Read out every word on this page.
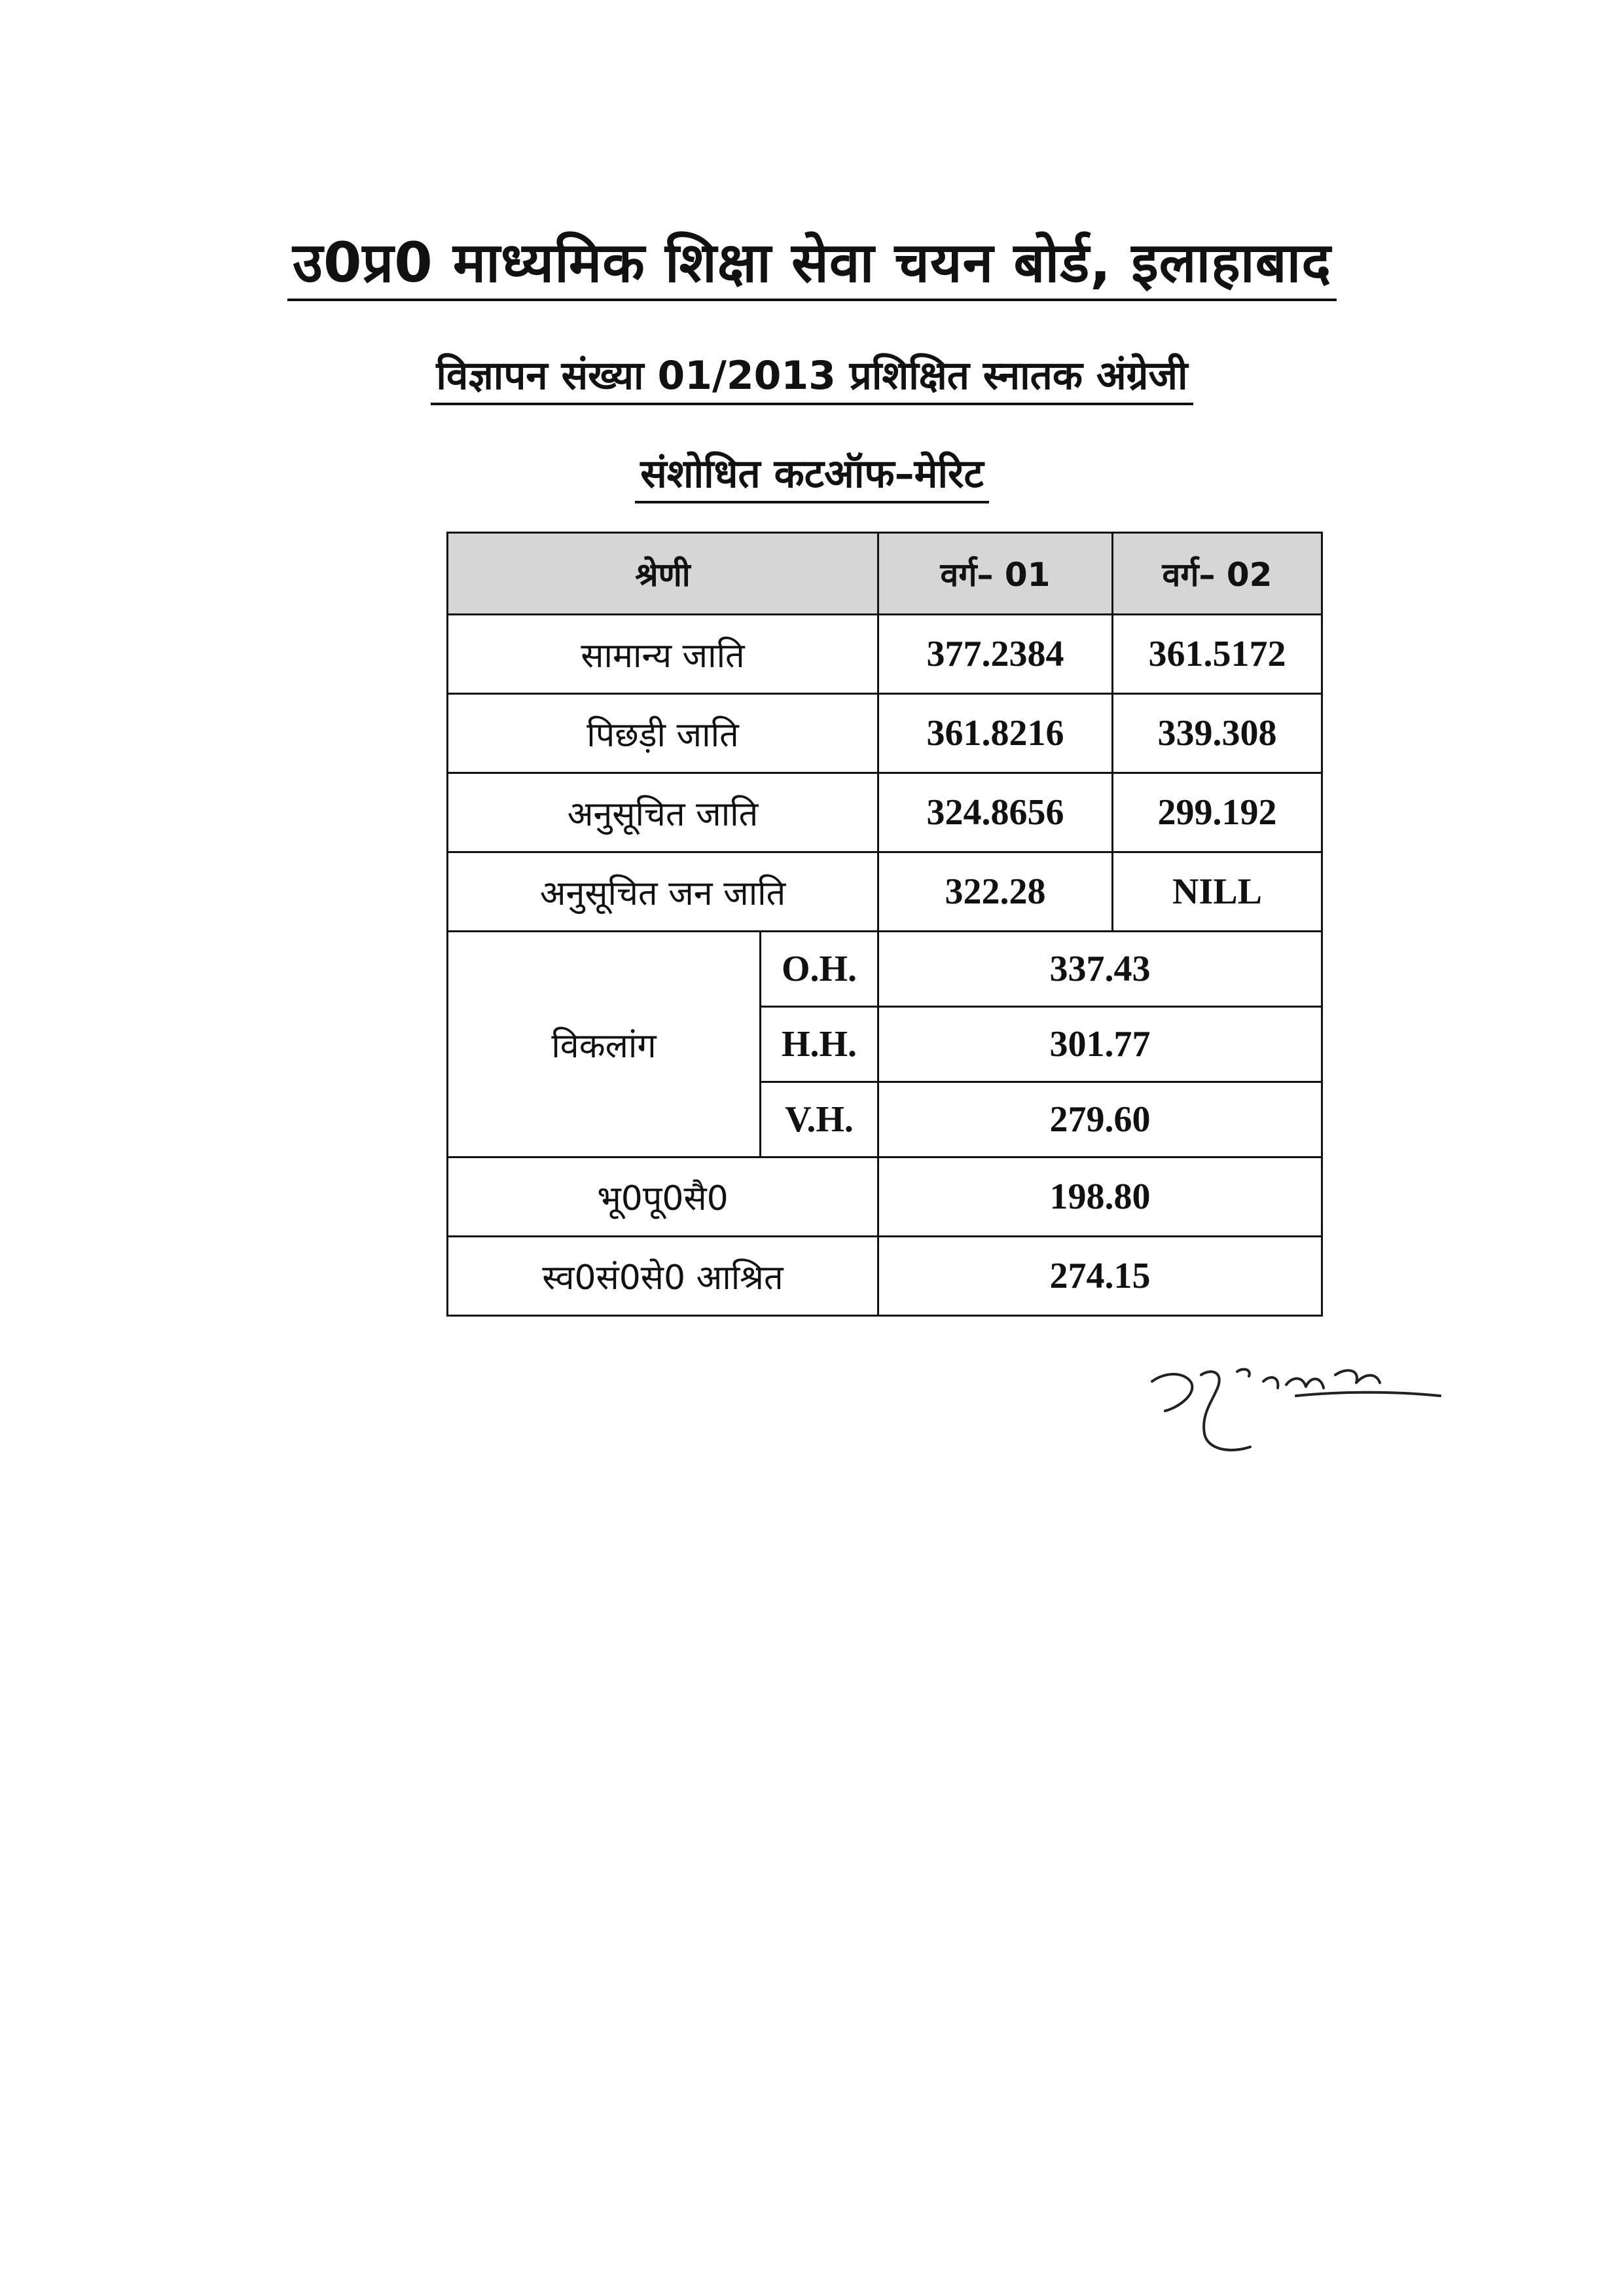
उ0प्र0 माध्यमिक शिक्षा सेवा चयन बोर्ड, इलाहाबाद
विज्ञापन संख्या 01/2013 प्रशिक्षित स्नातक अंग्रेजी
संशोधित कटऑफ–मेरिट
श्रेणी		वर्ग– 01	वर्ग– 02
सामान्य जाति		377.2384	361.5172
पिछड़ी जाति		361.8216	339.308
अनुसूचित जाति		324.8656	299.192
अनुसूचित जन जाति		322.28	NILL
विकलांग	O.H.	337.43	
	H.H.	301.77	
	V.H.	279.60	
भू0पू0सै0		198.80	
स्व0सं0से0 आश्रित		274.15	
